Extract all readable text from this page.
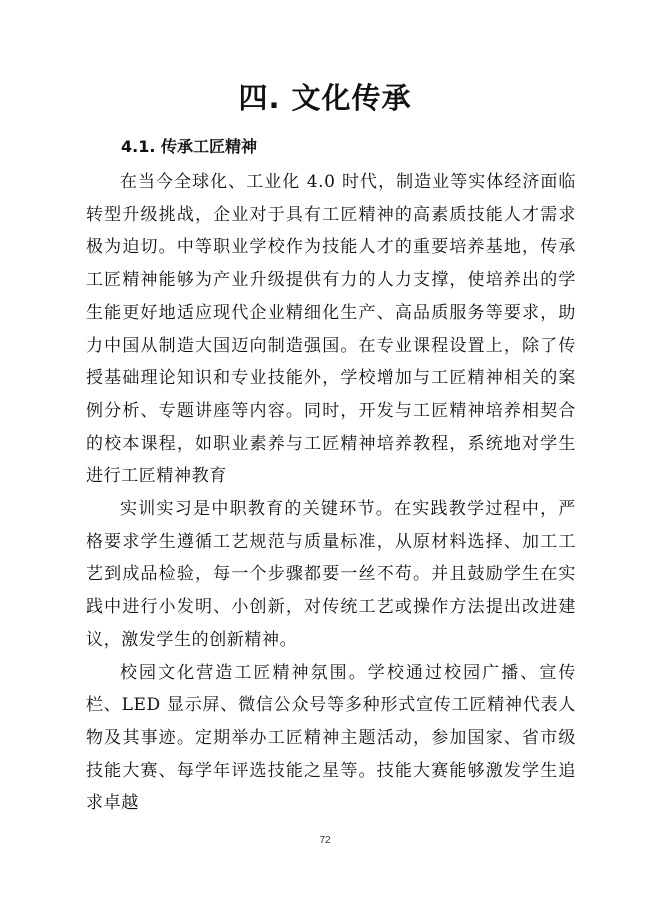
四. 文化传承
4.1. 传承工匠精神

在当今全球化、工业化 4.0 时代，制造业等实体经济面临转型升级挑战，企业对于具有工匠精神的高素质技能人才需求极为迫切。中等职业学校作为技能人才的重要培养基地，传承工匠精神能够为产业升级提供有力的人力支撑，使培养出的学生能更好地适应现代企业精细化生产、高品质服务等要求，助力中国从制造大国迈向制造强国。在专业课程设置上，除了传授基础理论知识和专业技能外，学校增加与工匠精神相关的案例分析、专题讲座等内容。同时，开发与工匠精神培养相契合的校本课程，如职业素养与工匠精神培养教程，系统地对学生进行工匠精神教育

实训实习是中职教育的关键环节。在实践教学过程中，严格要求学生遵循工艺规范与质量标准，从原材料选择、加工工艺到成品检验，每一个步骤都要一丝不苟。并且鼓励学生在实践中进行小发明、小创新，对传统工艺或操作方法提出改进建议，激发学生的创新精神。

校园文化营造工匠精神氛围。学校通过校园广播、宣传栏、LED 显示屏、微信公众号等多种形式宣传工匠精神代表人物及其事迹。定期举办工匠精神主题活动，参加国家、省市级技能大赛、每学年评选技能之星等。技能大赛能够激发学生追求卓越

72
